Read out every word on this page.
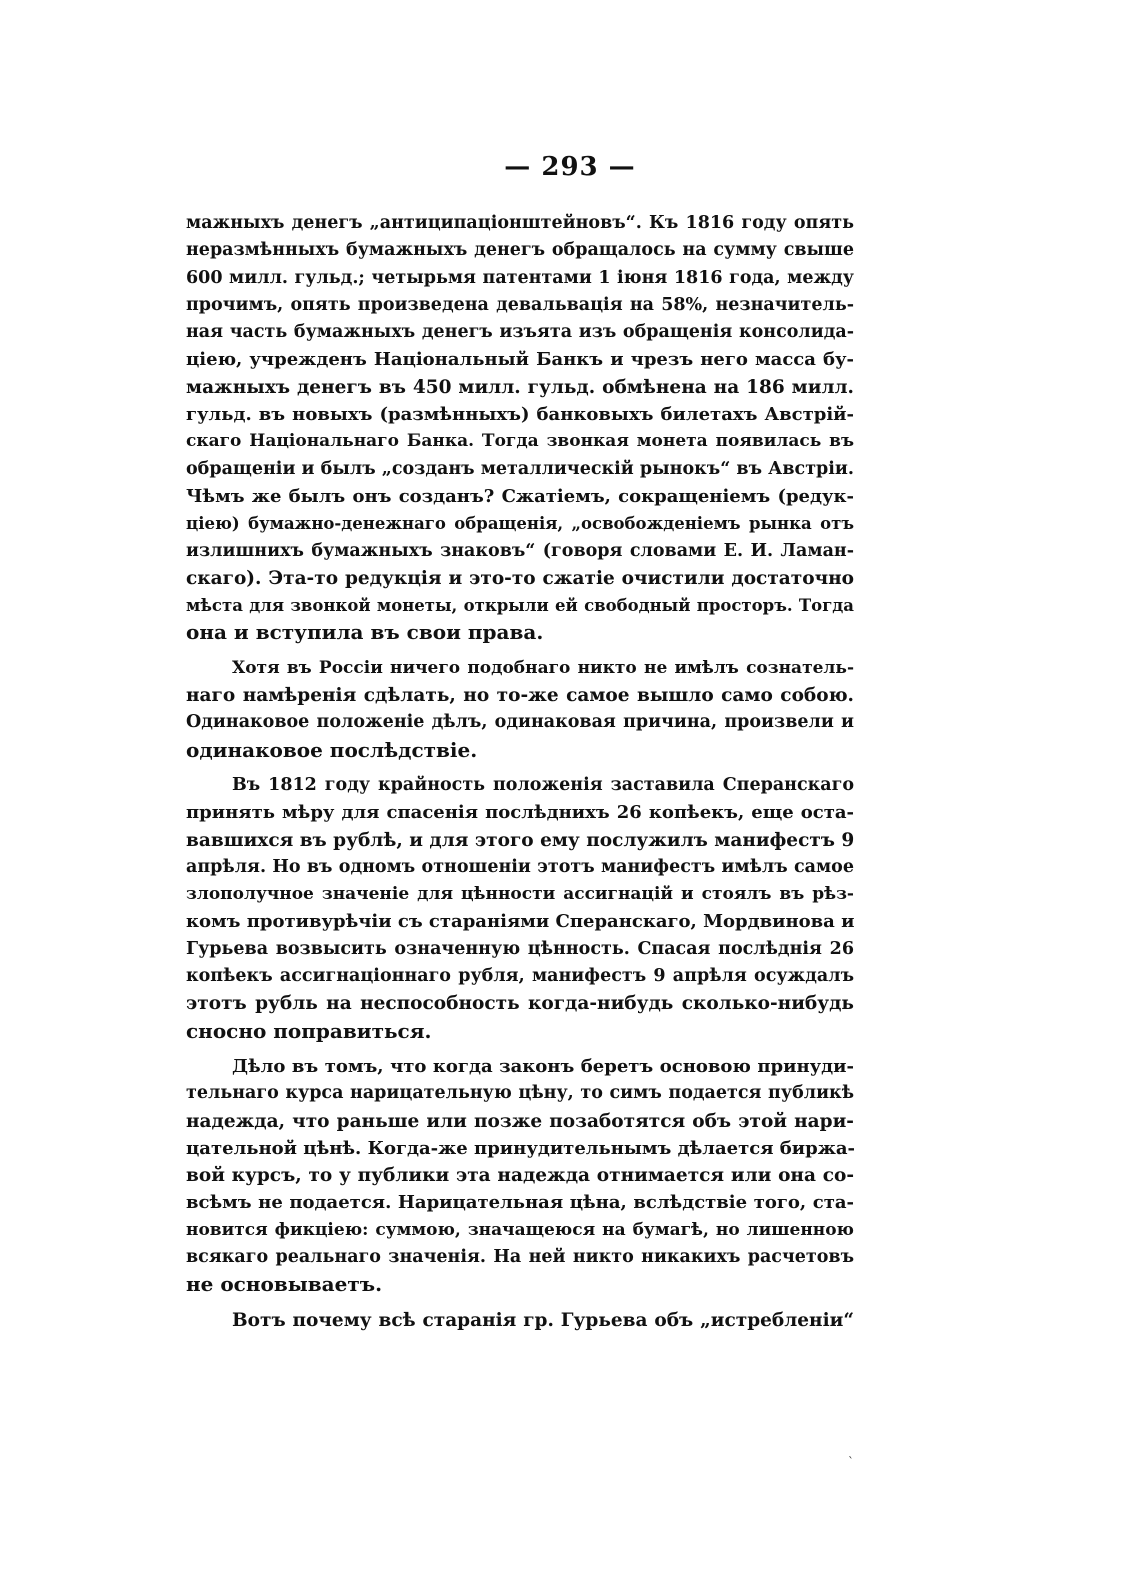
— 293 —
мажныхъ денегъ „антиципаціонштейновъ“. Къ 1816 году опять
неразмѣнныхъ бумажныхъ денегъ обращалось на сумму свыше
600 милл. гульд.; четырьмя патентами 1 іюня 1816 года, между
прочимъ, опять произведена девальвація на 58%, незначитель-
ная часть бумажныхъ денегъ изъята изъ обращенія консолида-
ціею, учрежденъ Національный Банкъ и чрезъ него масса бу-
мажныхъ денегъ въ 450 милл. гульд. обмѣнена на 186 милл.
гульд. въ новыхъ (размѣнныхъ) банковыхъ билетахъ Австрій-
скаго Національнаго Банка. Тогда звонкая монета появилась въ
обращеніи и былъ „созданъ металлическій рынокъ“ въ Австріи.
Чѣмъ же былъ онъ созданъ? Сжатіемъ, сокращеніемъ (редук-
ціею) бумажно-денежнаго обращенія, „освобожденіемъ рынка отъ
излишнихъ бумажныхъ знаковъ“ (говоря словами Е. И. Ламан-
скаго). Эта-то редукція и это-то сжатіе очистили достаточно
мѣста для звонкой монеты, открыли ей свободный просторъ. Тогда
она и вступила въ свои права.
Хотя въ Россіи ничего подобнаго никто не имѣлъ сознатель-
наго намѣренія сдѣлать, но то-же самое вышло само собою.
Одинаковое положеніе дѣлъ, одинаковая причина, произвели и
одинаковое послѣдствіе.
Въ 1812 году крайность положенія заставила Сперанскаго
принять мѣру для спасенія послѣднихъ 26 копѣекъ, еще оста-
вавшихся въ рублѣ, и для этого ему послужилъ манифестъ 9
апрѣля. Но въ одномъ отношеніи этотъ манифестъ имѣлъ самое
злополучное значеніе для цѣнности ассигнацій и стоялъ въ рѣз-
комъ противурѣчіи съ стараніями Сперанскаго, Мордвинова и
Гурьева возвысить означенную цѣнность. Спасая послѣднія 26
копѣекъ ассигнаціоннаго рубля, манифестъ 9 апрѣля осуждалъ
этотъ рубль на неспособность когда-нибудь сколько-нибудь
сносно поправиться.
Дѣло въ томъ, что когда законъ беретъ основою принуди-
тельнаго курса нарицательную цѣну, то симъ подается публикѣ
надежда, что раньше или позже позаботятся объ этой нари-
цательной цѣнѣ. Когда-же принудительнымъ дѣлается биржа-
вой курсъ, то у публики эта надежда отнимается или она со-
всѣмъ не подается. Нарицательная цѣна, вслѣдствіе того, ста-
новится фикціею: суммою, значащеюся на бумагѣ, но лишенною
всякаго реальнаго значенія. На ней никто никакихъ расчетовъ
не основываетъ.
Вотъ почему всѣ старанія гр. Гурьева объ „истребленіи“
ˋ
